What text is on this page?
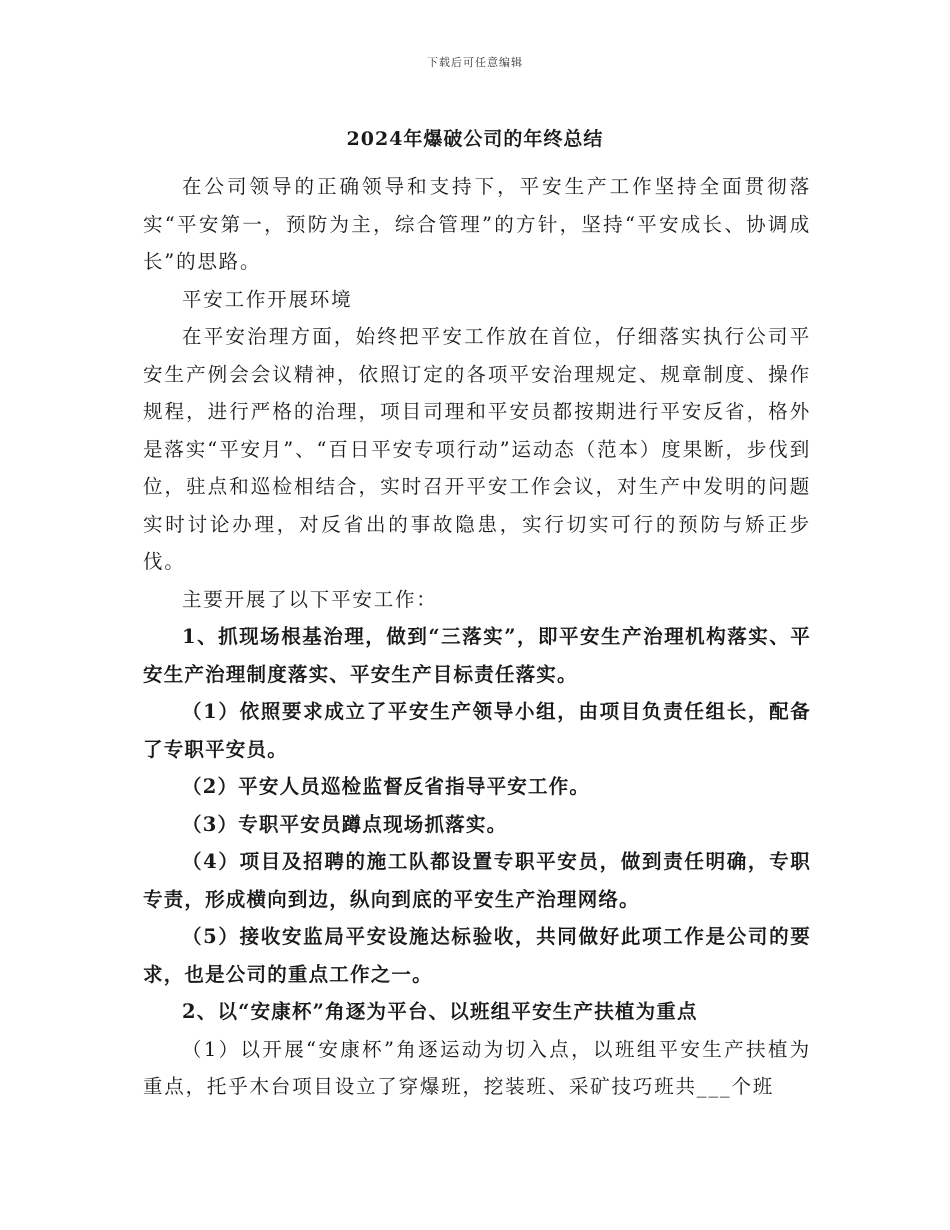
下载后可任意编辑
2024年爆破公司的年终总结

在公司领导的正确领导和支持下，平安生产工作坚持全面贯彻落实“平安第一，预防为主，综合管理”的方针，坚持“平安成长、协调成长”的思路。

平安工作开展环境

在平安治理方面，始终把平安工作放在首位，仔细落实执行公司平安生产例会会议精神，依照订定的各项平安治理规定、规章制度、操作规程，进行严格的治理，项目司理和平安员都按期进行平安反省，格外是落实“平安月”、“百日平安专项行动”运动态（范本）度果断，步伐到位，驻点和巡检相结合，实时召开平安工作会议，对生产中发明的问题实时讨论办理，对反省出的事故隐患，实行切实可行的预防与矫正步伐。

主要开展了以下平安工作：

1、抓现场根基治理，做到“三落实”，即平安生产治理机构落实、平安生产治理制度落实、平安生产目标责任落实。

（1）依照要求成立了平安生产领导小组，由项目负责任组长，配备了专职平安员。

（2）平安人员巡检监督反省指导平安工作。

（3）专职平安员蹲点现场抓落实。

（4）项目及招聘的施工队都设置专职平安员，做到责任明确，专职专责，形成横向到边，纵向到底的平安生产治理网络。

（5）接收安监局平安设施达标验收，共同做好此项工作是公司的要求，也是公司的重点工作之一。

2、以“安康杯”角逐为平台、以班组平安生产扶植为重点

（1）以开展“安康杯”角逐运动为切入点，以班组平安生产扶植为重点，托乎木台项目设立了穿爆班，挖装班、采矿技巧班共___个班
